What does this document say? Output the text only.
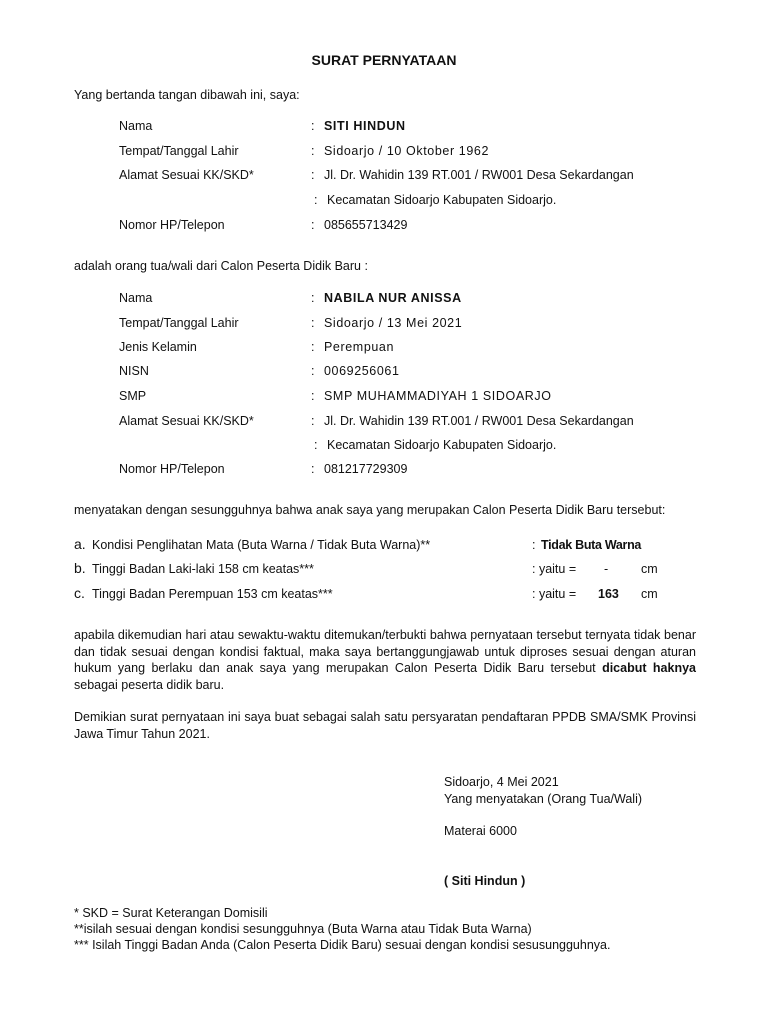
SURAT PERNYATAAN
Yang bertanda tangan dibawah ini, saya:
Nama	: SITI HINDUN
Tempat/Tanggal Lahir	: Sidoarjo / 10 Oktober 1962
Alamat Sesuai KK/SKD*	: Jl. Dr. Wahidin 139 RT.001 / RW001 Desa Sekardangan
: Kecamatan Sidoarjo Kabupaten Sidoarjo.
Nomor HP/Telepon	: 085655713429
adalah orang tua/wali dari Calon Peserta Didik Baru :
Nama	: NABILA NUR ANISSA
Tempat/Tanggal Lahir	: Sidoarjo / 13 Mei 2021
Jenis Kelamin	: Perempuan
NISN	: 0069256061
SMP	: SMP MUHAMMADIYAH 1 SIDOARJO
Alamat Sesuai KK/SKD*	: Jl. Dr. Wahidin 139 RT.001 / RW001 Desa Sekardangan
: Kecamatan Sidoarjo Kabupaten Sidoarjo.
Nomor HP/Telepon	: 081217729309
menyatakan dengan sesungguhnya bahwa anak saya yang merupakan Calon Peserta Didik Baru tersebut:
a. Kondisi Penglihatan Mata (Buta Warna / Tidak Buta Warna)**	: Tidak Buta Warna
b. Tinggi Badan Laki-laki 158 cm keatas***	: yaitu = -	cm
c. Tinggi Badan Perempuan 153 cm keatas***	: yaitu = 163 cm
apabila dikemudian hari atau sewaktu-waktu ditemukan/terbukti bahwa pernyataan tersebut ternyata tidak benar dan tidak sesuai dengan kondisi faktual, maka saya bertanggungjawab untuk diproses sesuai dengan aturan hukum yang berlaku dan anak saya yang merupakan Calon Peserta Didik Baru tersebut dicabut haknya sebagai peserta didik baru.
Demikian surat pernyataan ini saya buat sebagai salah satu persyaratan pendaftaran PPDB SMA/SMK Provinsi Jawa Timur Tahun 2021.
Sidoarjo, 4 Mei 2021
Yang menyatakan (Orang Tua/Wali)
Materai 6000
( Siti Hindun )
* SKD = Surat Keterangan Domisili
**isilah sesuai dengan kondisi sesungguhnya (Buta Warna atau Tidak Buta Warna)
*** Isilah Tinggi Badan Anda (Calon Peserta Didik Baru) sesuai dengan kondisi sesusungguhnya.
